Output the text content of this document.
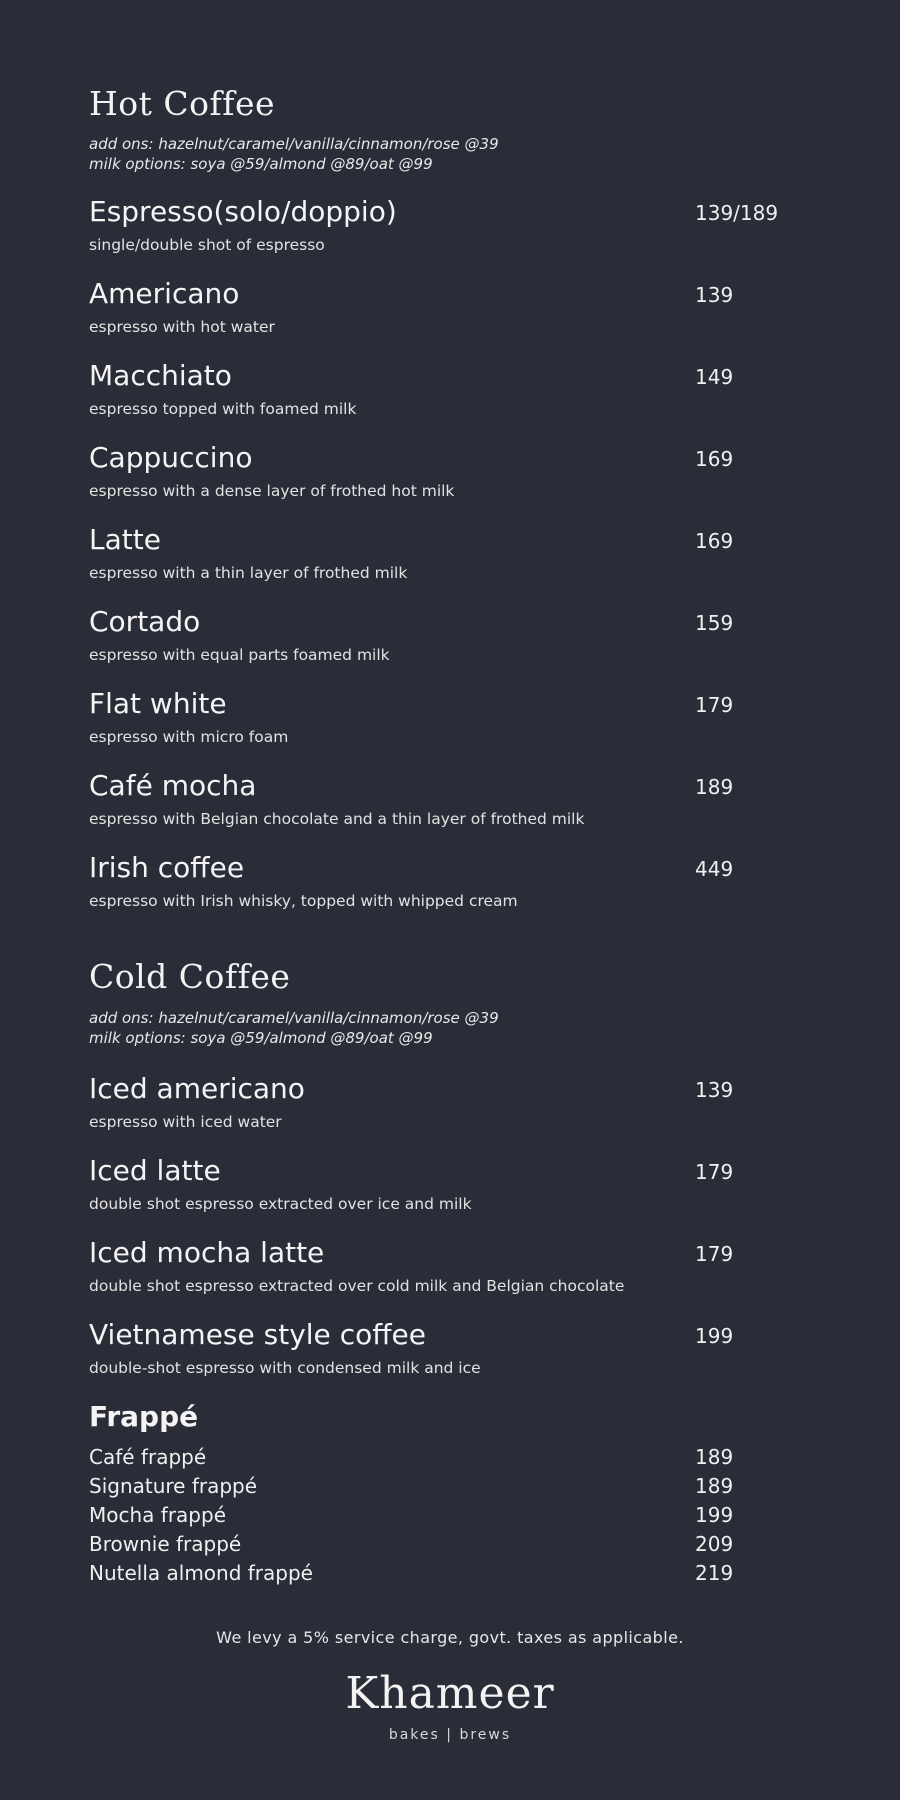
Hot Coffee
add ons: hazelnut/caramel/vanilla/cinnamon/rose @39
milk options: soya @59/almond @89/oat @99
Espresso(solo/doppio)	139/189
single/double shot of espresso
Americano	139
espresso with hot water
Macchiato	149
espresso topped with foamed milk
Cappuccino	169
espresso with a dense layer of frothed hot milk
Latte	169
espresso with a thin layer of frothed milk
Cortado	159
espresso with equal parts foamed milk
Flat white	179
espresso with micro foam
Café mocha	189
espresso with Belgian chocolate and a thin layer of frothed milk
Irish coffee	449
espresso with Irish whisky, topped with whipped cream
Cold Coffee
add ons: hazelnut/caramel/vanilla/cinnamon/rose @39
milk options: soya @59/almond @89/oat @99
Iced americano	139
espresso with iced water
Iced latte	179
double shot espresso extracted over ice and milk
Iced mocha latte	179
double shot espresso extracted over cold milk and Belgian chocolate
Vietnamese style coffee	199
double-shot espresso with condensed milk and ice
Frappé
Café frappé	189
Signature frappé	189
Mocha frappé	199
Brownie frappé	209
Nutella almond frappé	219
We levy a 5% service charge, govt. taxes as applicable.
Khameer
bakes | brews
